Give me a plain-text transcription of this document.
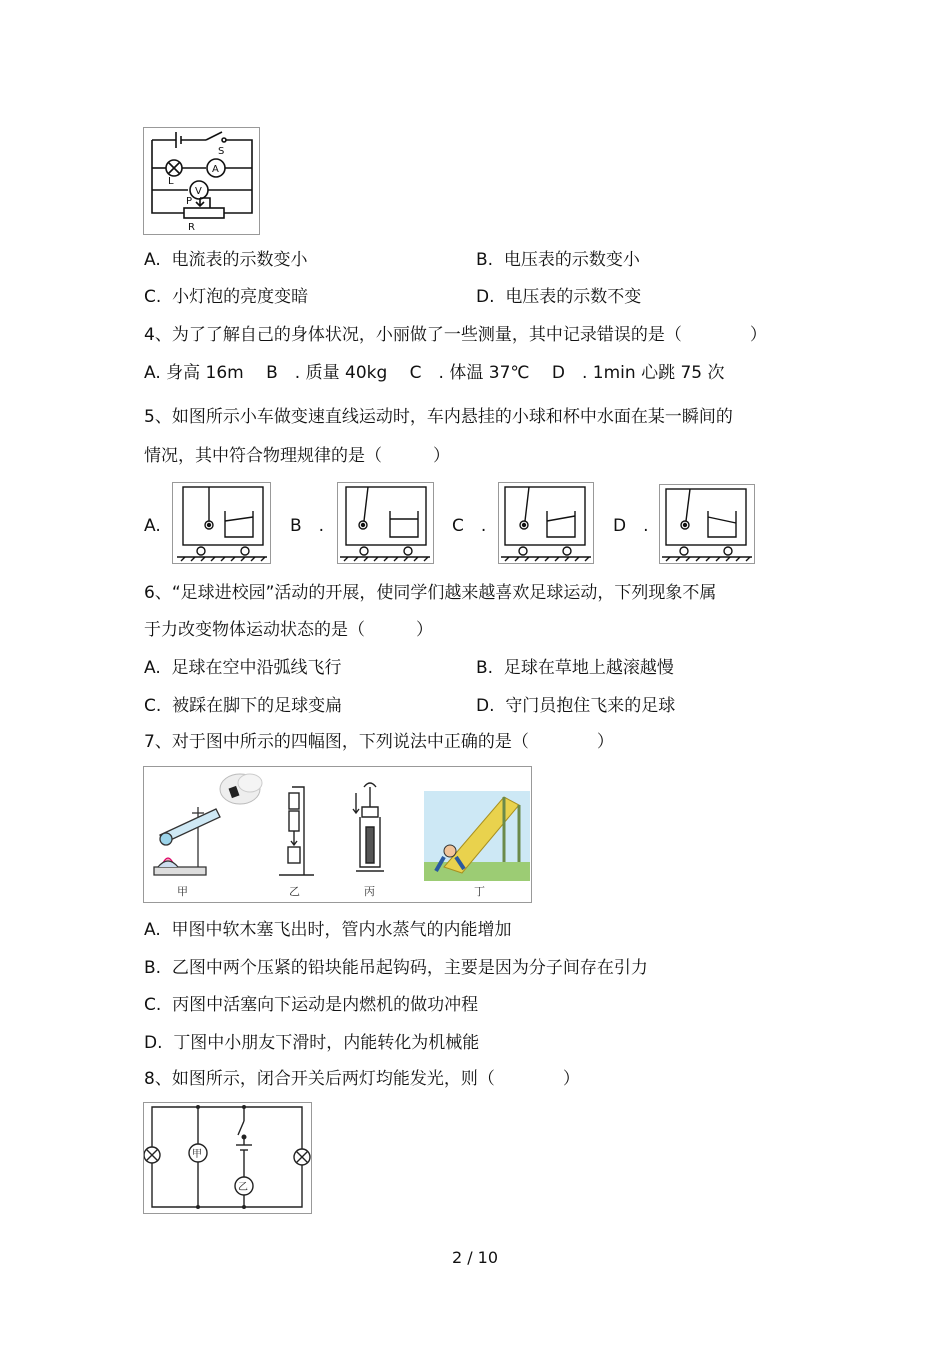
S
A
L
V
P
R
A. 电流表的示数变小	B. 电压表的示数变小
C. 小灯泡的亮度变暗	D. 电压表的示数不变
4、为了了解自己的身体状况，小丽做了一些测量，其中记录错误的是（　　　　）
A. 身高 16m　 B　. 质量 40kg　 C　. 体温 37℃　 D　. 1min 心跳 75 次
5、如图所示小车做变速直线运动时，车内悬挂的小球和杯中水面在某一瞬间的
情况，其中符合物理规律的是（　　　）
A.	B　.	C　.	D　.
6、“足球进校园”活动的开展，使同学们越来越喜欢足球运动，下列现象不属
于力改变物体运动状态的是（　　　）
A. 足球在空中沿弧线飞行	B. 足球在草地上越滚越慢
C. 被踩在脚下的足球变扁	D. 守门员抱住飞来的足球
7、对于图中所示的四幅图，下列说法中正确的是（　　　　）
甲	乙	丙	丁
A. 甲图中软木塞飞出时，管内水蒸气的内能增加
B. 乙图中两个压紧的铅块能吊起钩码，主要是因为分子间存在引力
C. 丙图中活塞向下运动是内燃机的做功冲程
D. 丁图中小朋友下滑时，内能转化为机械能
8、如图所示，闭合开关后两灯均能发光，则（　　　　）
甲
乙
2 / 10
